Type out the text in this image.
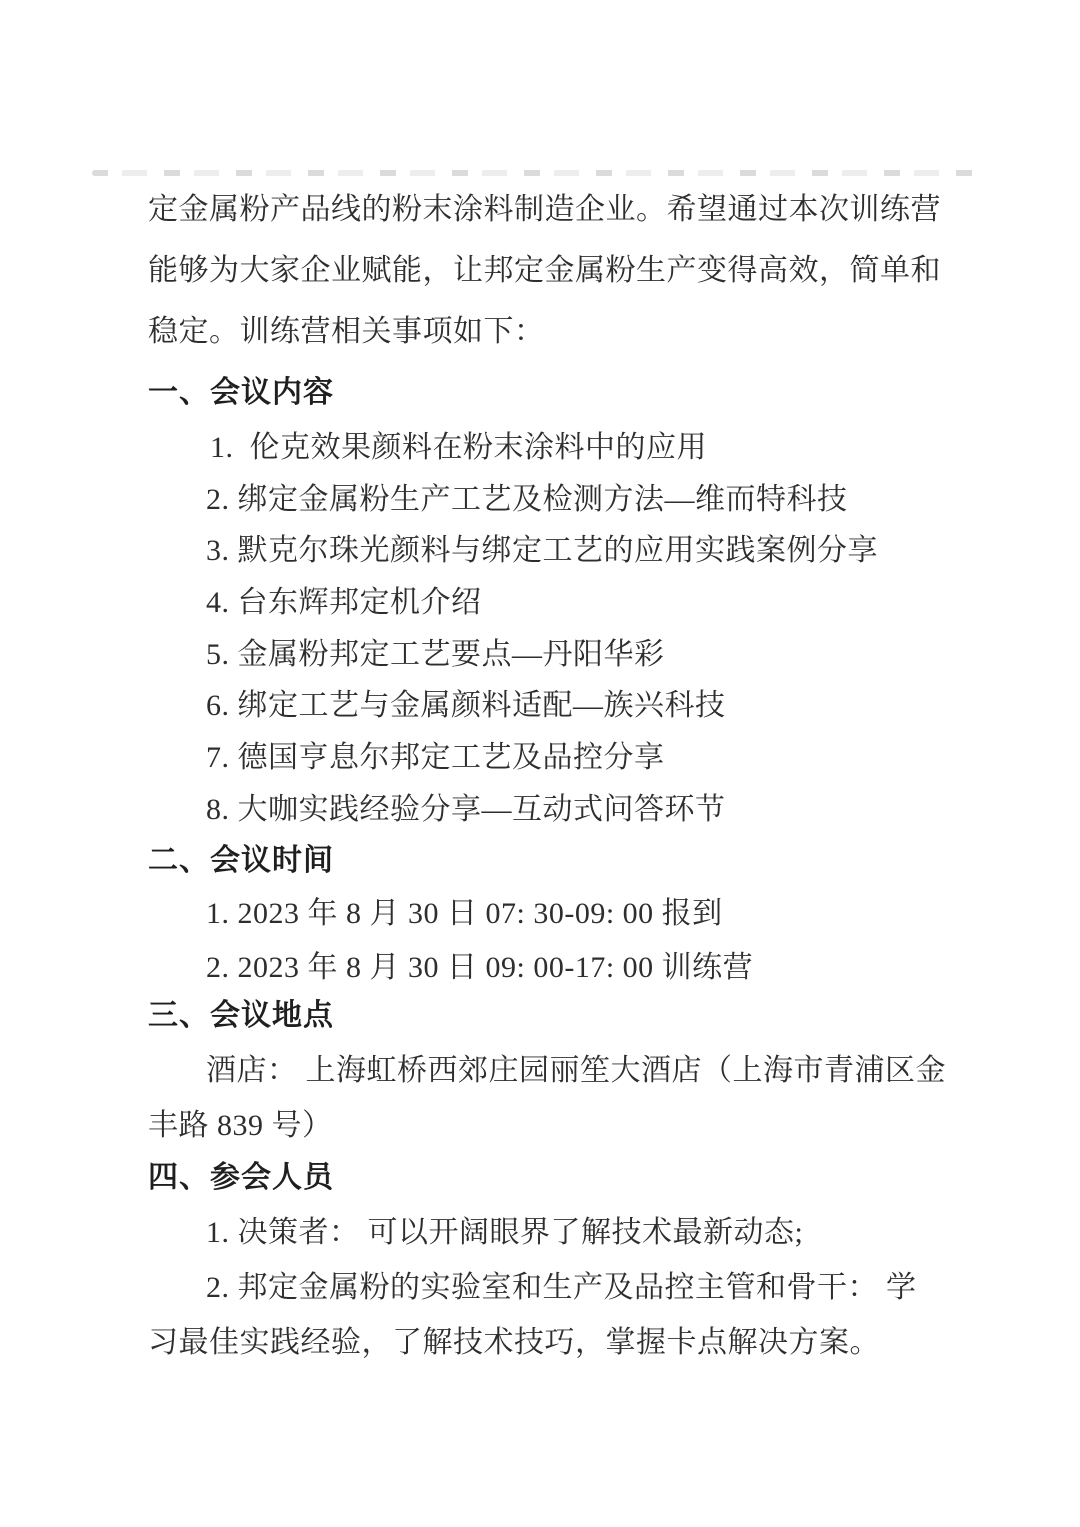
定金属粉产品线的粉末涂料制造企业。希望通过本次训练营
能够为大家企业赋能，让邦定金属粉生产变得高效，简单和
稳定。训练营相关事项如下：
一、会议内容
1.  伦克效果颜料在粉末涂料中的应用
2. 绑定金属粉生产工艺及检测方法—维而特科技
3. 默克尔珠光颜料与绑定工艺的应用实践案例分享
4. 台东辉邦定机介绍
5. 金属粉邦定工艺要点—丹阳华彩
6. 绑定工艺与金属颜料适配—族兴科技
7. 德国亨息尔邦定工艺及品控分享
8. 大咖实践经验分享—互动式问答环节
二、会议时间
1. 2023 年 8 月 30 日 07: 30-09: 00 报到
2. 2023 年 8 月 30 日 09: 00-17: 00 训练营
三、会议地点
酒店： 上海虹桥西郊庄园丽笙大酒店（上海市青浦区金
丰路 839 号）
四、参会人员
1. 决策者： 可以开阔眼界了解技术最新动态;
2. 邦定金属粉的实验室和生产及品控主管和骨干： 学
习最佳实践经验，了解技术技巧，掌握卡点解决方案。
